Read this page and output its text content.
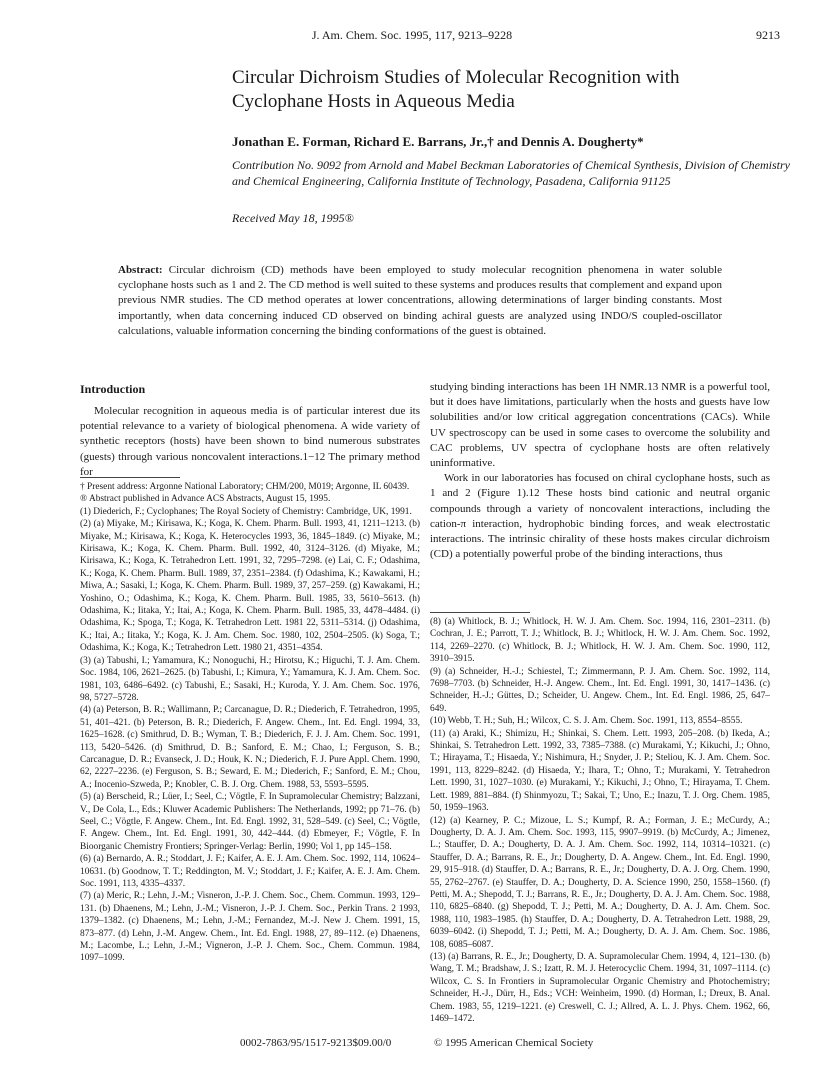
J. Am. Chem. Soc. 1995, 117, 9213–9228	9213
Circular Dichroism Studies of Molecular Recognition with Cyclophane Hosts in Aqueous Media
Jonathan E. Forman, Richard E. Barrans, Jr.,† and Dennis A. Dougherty*
Contribution No. 9092 from Arnold and Mabel Beckman Laboratories of Chemical Synthesis, Division of Chemistry and Chemical Engineering, California Institute of Technology, Pasadena, California 91125
Received May 18, 1995®
Abstract: Circular dichroism (CD) methods have been employed to study molecular recognition phenomena in water soluble cyclophane hosts such as 1 and 2. The CD method is well suited to these systems and produces results that complement and expand upon previous NMR studies. The CD method operates at lower concentrations, allowing determinations of larger binding constants. Most importantly, when data concerning induced CD observed on binding achiral guests are analyzed using INDO/S coupled-oscillator calculations, valuable information concerning the binding conformations of the guest is obtained.
Introduction

Molecular recognition in aqueous media is of particular interest due its potential relevance to a variety of biological phenomena. A wide variety of synthetic receptors (hosts) have been shown to bind numerous substrates (guests) through various noncovalent interactions.1−12 The primary method for

† Present address: Argonne National Laboratory; CHM/200, M019; Argonne, IL 60439.

® Abstract published in Advance ACS Abstracts, August 15, 1995.

(1) Diederich, F.; Cyclophanes; The Royal Society of Chemistry: Cambridge, UK, 1991.

(2) (a) Miyake, M.; Kirisawa, K.; Koga, K. Chem. Pharm. Bull. 1993, 41, 1211–1213. (b) Miyake, M.; Kirisawa, K.; Koga, K. Heterocycles 1993, 36, 1845–1849. (c) Miyake, M.; Kirisawa, K.; Koga, K. Chem. Pharm. Bull. 1992, 40, 3124–3126. (d) Miyake, M.; Kirisawa, K.; Koga, K. Tetrahedron Lett. 1991, 32, 7295–7298. (e) Lai, C. F.; Odashima, K.; Koga, K. Chem. Pharm. Bull. 1989, 37, 2351–2384. (f) Odashima, K.; Kawakami, H.; Miwa, A.; Sasaki, I.; Koga, K. Chem. Pharm. Bull. 1989, 37, 257–259. (g) Kawakami, H.; Yoshino, O.; Odashima, K.; Koga, K. Chem. Pharm. Bull. 1985, 33, 5610–5613. (h) Odashima, K.; Iitaka, Y.; Itai, A.; Koga, K. Chem. Pharm. Bull. 1985, 33, 4478–4484. (i) Odashima, K.; Spoga, T.; Koga, K. Tetrahedron Lett. 1981 22, 5311–5314. (j) Odashima, K.; Itai, A.; Iitaka, Y.; Koga, K. J. Am. Chem. Soc. 1980, 102, 2504–2505. (k) Soga, T.; Odashima, K.; Koga, K.; Tetrahedron Lett. 1980 21, 4351–4354.

(3) (a) Tabushi, I.; Yamamura, K.; Nonoguchi, H.; Hirotsu, K.; Higuchi, T. J. Am. Chem. Soc. 1984, 106, 2621–2625. (b) Tabushi, I.; Kimura, Y.; Yamamura, K. J. Am. Chem. Soc. 1981, 103, 6486–6492. (c) Tabushi, E.; Sasaki, H.; Kuroda, Y. J. Am. Chem. Soc. 1976, 98, 5727–5728.

(4) (a) Peterson, B. R.; Wallimann, P.; Carcanague, D. R.; Diederich, F. Tetrahedron, 1995, 51, 401–421. (b) Peterson, B. R.; Diederich, F. Angew. Chem., Int. Ed. Engl. 1994, 33, 1625–1628. (c) Smithrud, D. B.; Wyman, T. B.; Diederich, F. J. J. Am. Chem. Soc. 1991, 113, 5420–5426. (d) Smithrud, D. B.; Sanford, E. M.; Chao, I.; Ferguson, S. B.; Carcanague, D. R.; Evanseck, J. D.; Houk, K. N.; Diederich, F. J. Pure Appl. Chem. 1990, 62, 2227–2236. (e) Ferguson, S. B.; Seward, E. M.; Diederich, F.; Sanford, E. M.; Chou, A.; Inocenio-Szweda, P.; Knobler, C. B. J. Org. Chem. 1988, 53, 5593–5595.

(5) (a) Berscheid, R.; Lüer, I.; Seel, C.; Vögtle, F. In Supramolecular Chemistry; Balzzani, V., De Cola, L., Eds.; Kluwer Academic Publishers: The Netherlands, 1992; pp 71–76. (b) Seel, C.; Vögtle, F. Angew. Chem., Int. Ed. Engl. 1992, 31, 528–549. (c) Seel, C.; Vögtle, F. Angew. Chem., Int. Ed. Engl. 1991, 30, 442–444. (d) Ebmeyer, F.; Vögtle, F. In Bioorganic Chemistry Frontiers; Springer-Verlag: Berlin, 1990; Vol 1, pp 145–158.

(6) (a) Bernardo, A. R.; Stoddart, J. F.; Kaifer, A. E. J. Am. Chem. Soc. 1992, 114, 10624–10631. (b) Goodnow, T. T.; Reddington, M. V.; Stoddart, J. F.; Kaifer, A. E. J. Am. Chem. Soc. 1991, 113, 4335–4337.

(7) (a) Meric, R.; Lehn, J.-M.; Visneron, J.-P. J. Chem. Soc., Chem. Commun. 1993, 129–131. (b) Dhaenens, M.; Lehn, J.-M.; Visneron, J.-P. J. Chem. Soc., Perkin Trans. 2 1993, 1379–1382. (c) Dhaenens, M.; Lehn, J.-M.; Fernandez, M.-J. New J. Chem. 1991, 15, 873–877. (d) Lehn, J.-M. Angew. Chem., Int. Ed. Engl. 1988, 27, 89–112. (e) Dhaenens, M.; Lacombe, L.; Lehn, J.-M.; Vigneron, J.-P. J. Chem. Soc., Chem. Commun. 1984, 1097–1099.

studying binding interactions has been 1H NMR.13 NMR is a powerful tool, but it does have limitations, particularly when the hosts and guests have low solubilities and/or low critical aggregation concentrations (CACs). While UV spectroscopy can be used in some cases to overcome the solubility and CAC problems, UV spectra of cyclophane hosts are often relatively uninformative.

Work in our laboratories has focused on chiral cyclophane hosts, such as 1 and 2 (Figure 1).12 These hosts bind cationic and neutral organic compounds through a variety of noncovalent interactions, including the cation-π interaction, hydrophobic binding forces, and weak electrostatic interactions. The intrinsic chirality of these hosts makes circular dichroism (CD) a potentially powerful probe of the binding interactions, thus

(8) (a) Whitlock, B. J.; Whitlock, H. W. J. Am. Chem. Soc. 1994, 116, 2301–2311. (b) Cochran, J. E.; Parrott, T. J.; Whitlock, B. J.; Whitlock, H. W. J. Am. Chem. Soc. 1992, 114, 2269–2270. (c) Whitlock, B. J.; Whitlock, H. W. J. Am. Chem. Soc. 1990, 112, 3910–3915.

(9) (a) Schneider, H.-J.; Schiestel, T.; Zimmermann, P. J. Am. Chem. Soc. 1992, 114, 7698–7703. (b) Schneider, H.-J. Angew. Chem., Int. Ed. Engl. 1991, 30, 1417–1436. (c) Schneider, H.-J.; Güttes, D.; Scheider, U. Angew. Chem., Int. Ed. Engl. 1986, 25, 647–649.

(10) Webb, T. H.; Suh, H.; Wilcox, C. S. J. Am. Chem. Soc. 1991, 113, 8554–8555.

(11) (a) Araki, K.; Shimizu, H.; Shinkai, S. Chem. Lett. 1993, 205–208. (b) Ikeda, A.; Shinkai, S. Tetrahedron Lett. 1992, 33, 7385–7388. (c) Murakami, Y.; Kikuchi, J.; Ohno, T.; Hirayama, T.; Hisaeda, Y.; Nishimura, H.; Snyder, J. P.; Steliou, K. J. Am. Chem. Soc. 1991, 113, 8229–8242. (d) Hisaeda, Y.; Ihara, T.; Ohno, T.; Murakami, Y. Tetrahedron Lett. 1990, 31, 1027–1030. (e) Murakami, Y.; Kikuchi, J.; Ohno, T.; Hirayama, T. Chem. Lett. 1989, 881–884. (f) Shinmyozu, T.; Sakai, T.; Uno, E.; Inazu, T. J. Org. Chem. 1985, 50, 1959–1963.

(12) (a) Kearney, P. C.; Mizoue, L. S.; Kumpf, R. A.; Forman, J. E.; McCurdy, A.; Dougherty, D. A. J. Am. Chem. Soc. 1993, 115, 9907–9919. (b) McCurdy, A.; Jimenez, L.; Stauffer, D. A.; Dougherty, D. A. J. Am. Chem. Soc. 1992, 114, 10314–10321. (c) Stauffer, D. A.; Barrans, R. E., Jr.; Dougherty, D. A. Angew. Chem., Int. Ed. Engl. 1990, 29, 915–918. (d) Stauffer, D. A.; Barrans, R. E., Jr.; Dougherty, D. A. J. Org. Chem. 1990, 55, 2762–2767. (e) Stauffer, D. A.; Dougherty, D. A. Science 1990, 250, 1558–1560. (f) Petti, M. A.; Shepodd, T. J.; Barrans, R. E., Jr.; Dougherty, D. A. J. Am. Chem. Soc. 1988, 110, 6825–6840. (g) Shepodd, T. J.; Petti, M. A.; Dougherty, D. A. J. Am. Chem. Soc. 1988, 110, 1983–1985. (h) Stauffer, D. A.; Dougherty, D. A. Tetrahedron Lett. 1988, 29, 6039–6042. (i) Shepodd, T. J.; Petti, M. A.; Dougherty, D. A. J. Am. Chem. Soc. 1986, 108, 6085–6087.

(13) (a) Barrans, R. E., Jr.; Dougherty, D. A. Supramolecular Chem. 1994, 4, 121–130. (b) Wang, T. M.; Bradshaw, J. S.; Izatt, R. M. J. Heterocyclic Chem. 1994, 31, 1097–1114. (c) Wilcox, C. S. In Frontiers in Supramolecular Organic Chemistry and Photochemistry; Schneider, H.-J., Dürr, H., Eds.; VCH: Weinheim, 1990. (d) Horman, I.; Dreux, B. Anal. Chem. 1983, 55, 1219–1221. (e) Creswell, C. J.; Allred, A. L. J. Phys. Chem. 1962, 66, 1469–1472.

0002-7863/95/1517-9213$09.00/0	© 1995 American Chemical Society
